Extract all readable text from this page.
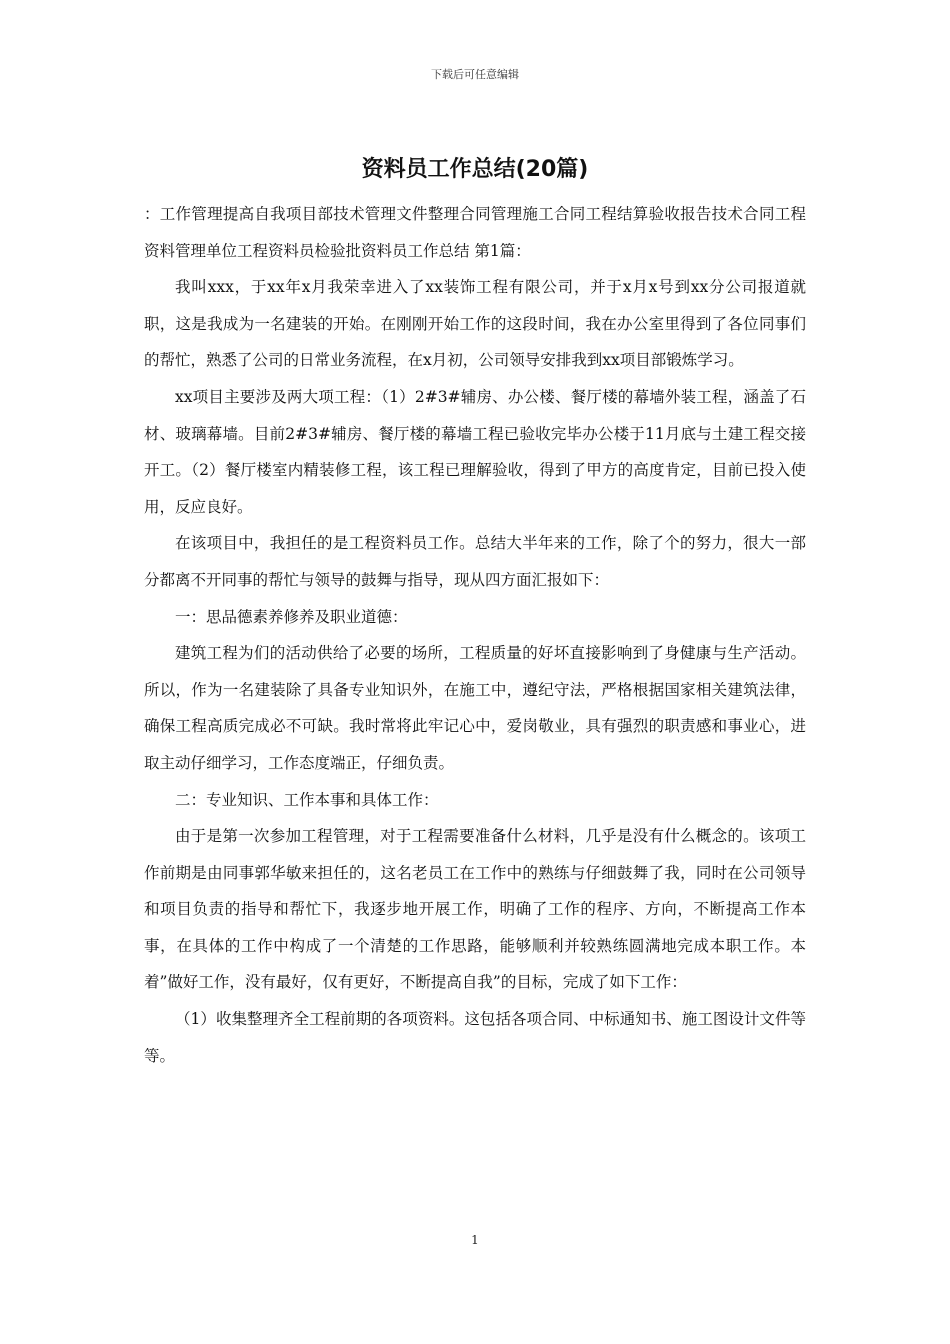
下载后可任意编辑
资料员工作总结(20篇)

：工作管理提高自我项目部技术管理文件整理合同管理施工合同工程结算验收报告技术合同工程资料管理单位工程资料员检验批资料员工作总结 第1篇：

我叫xxx，于xx年x月我荣幸进入了xx装饰工程有限公司，并于x月x号到xx分公司报道就职，这是我成为一名建装的开始。在刚刚开始工作的这段时间，我在办公室里得到了各位同事们的帮忙，熟悉了公司的日常业务流程，在x月初，公司领导安排我到xx项目部锻炼学习。

xx项目主要涉及两大项工程：（1）2#3#辅房、办公楼、餐厅楼的幕墙外装工程，涵盖了石材、玻璃幕墙。目前2#3#辅房、餐厅楼的幕墙工程已验收完毕办公楼于11月底与土建工程交接开工。（2）餐厅楼室内精装修工程，该工程已理解验收，得到了甲方的高度肯定，目前已投入使用，反应良好。

在该项目中，我担任的是工程资料员工作。总结大半年来的工作，除了个的努力，很大一部分都离不开同事的帮忙与领导的鼓舞与指导，现从四方面汇报如下：

一：思品德素养修养及职业道德：

建筑工程为们的活动供给了必要的场所，工程质量的好坏直接影响到了身健康与生产活动。所以，作为一名建装除了具备专业知识外，在施工中，遵纪守法，严格根据国家相关建筑法律，确保工程高质完成必不可缺。我时常将此牢记心中，爱岗敬业，具有强烈的职责感和事业心，进取主动仔细学习，工作态度端正，仔细负责。

二：专业知识、工作本事和具体工作：

由于是第一次参加工程管理，对于工程需要准备什么材料，几乎是没有什么概念的。该项工作前期是由同事郭华敏来担任的，这名老员工在工作中的熟练与仔细鼓舞了我，同时在公司领导和项目负责的指导和帮忙下，我逐步地开展工作，明确了工作的程序、方向，不断提高工作本事，在具体的工作中构成了一个清楚的工作思路，能够顺利并较熟练圆满地完成本职工作。本着”做好工作，没有最好，仅有更好，不断提高自我”的目标，完成了如下工作：

（1）收集整理齐全工程前期的各项资料。这包括各项合同、中标通知书、施工图设计文件等等。

1
